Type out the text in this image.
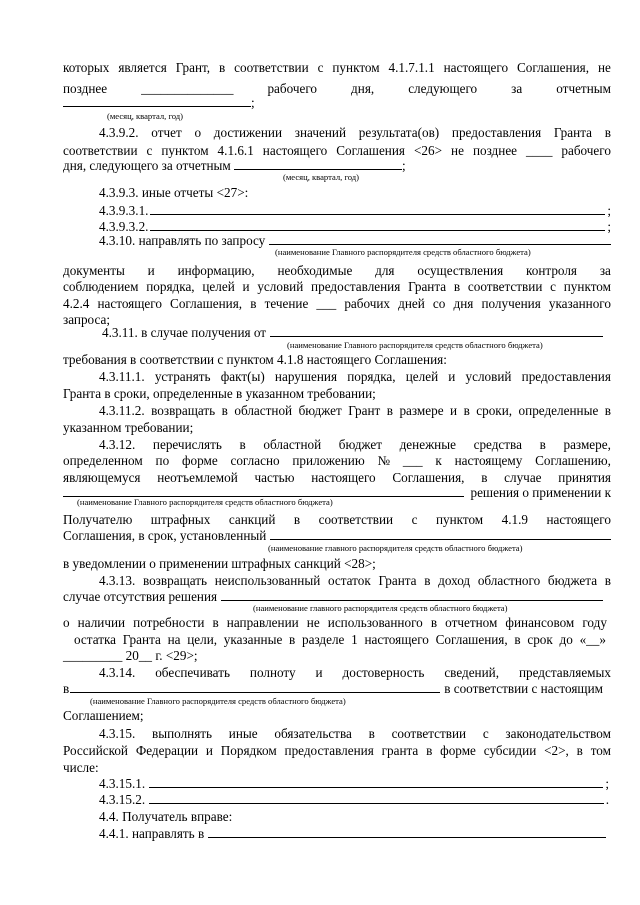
которых является Грант, в соответствии с пунктом 4.1.7.1.1 настоящего Соглашения, не
позднее	______________	рабочего	дня,	следующего	за	отчетным
;
(месяц, квартал, год)
4.3.9.2. отчет о достижении значений результата(ов) предоставления Гранта в
соответствии с пунктом 4.1.6.1 настоящего Соглашения <26> не позднее ____ рабочего
дня, следующего за отчетным	;
(месяц, квартал, год)
4.3.9.3. иные отчеты <27>:
4.3.9.3.1.	;
4.3.9.3.2.	;
4.3.10. направлять по запросу
(наименование Главного распорядителя средств областного бюджета)
документы и информацию, необходимые для осуществления контроля за
соблюдением порядка, целей и условий предоставления Гранта в соответствии с пунктом
4.2.4 настоящего Соглашения, в течение ___ рабочих дней со дня получения указанного
запроса;
4.3.11. в случае получения от
(наименование Главного распорядителя средств областного бюджета)
требования в соответствии с пунктом 4.1.8 настоящего Соглашения:
4.3.11.1. устранять факт(ы) нарушения порядка, целей и условий предоставления
Гранта в сроки, определенные в указанном требовании;
4.3.11.2. возвращать в областной бюджет Грант в размере и в сроки, определенные в
указанном требовании;
4.3.12. перечислять в областной бюджет денежные средства в размере,
определенном по форме согласно приложению № ___ к настоящему Соглашению,
являющемуся неотъемлемой частью настоящего Соглашения, в случае принятия
решения о применении к
(наименование Главного распорядителя средств областного бюджета)
Получателю штрафных санкций в соответствии с пунктом 4.1.9 настоящего
Соглашения, в срок, установленный
(наименование главного распорядителя средств областного бюджета)
в уведомлении о применении штрафных санкций <28>;
4.3.13. возвращать неиспользованный остаток Гранта в доход областного бюджета в
случае отсутствия решения
(наименование главного распорядителя средств областного бюджета)
о наличии потребности в направлении не использованного в отчетном финансовом году
остатка Гранта на цели, указанные в разделе 1 настоящего Соглашения, в срок до «__»
_________ 20__ г. <29>;
4.3.14. обеспечивать полноту и достоверность сведений, представляемых
в	в соответствии с настоящим
(наименование Главного распорядителя средств областного бюджета)
Соглашением;
4.3.15. выполнять иные обязательства в соответствии с законодательством
Российской Федерации и Порядком предоставления гранта в форме субсидии <2>, в том
числе:
4.3.15.1.	;
4.3.15.2.	.
4.4. Получатель вправе:
4.4.1. направлять в
